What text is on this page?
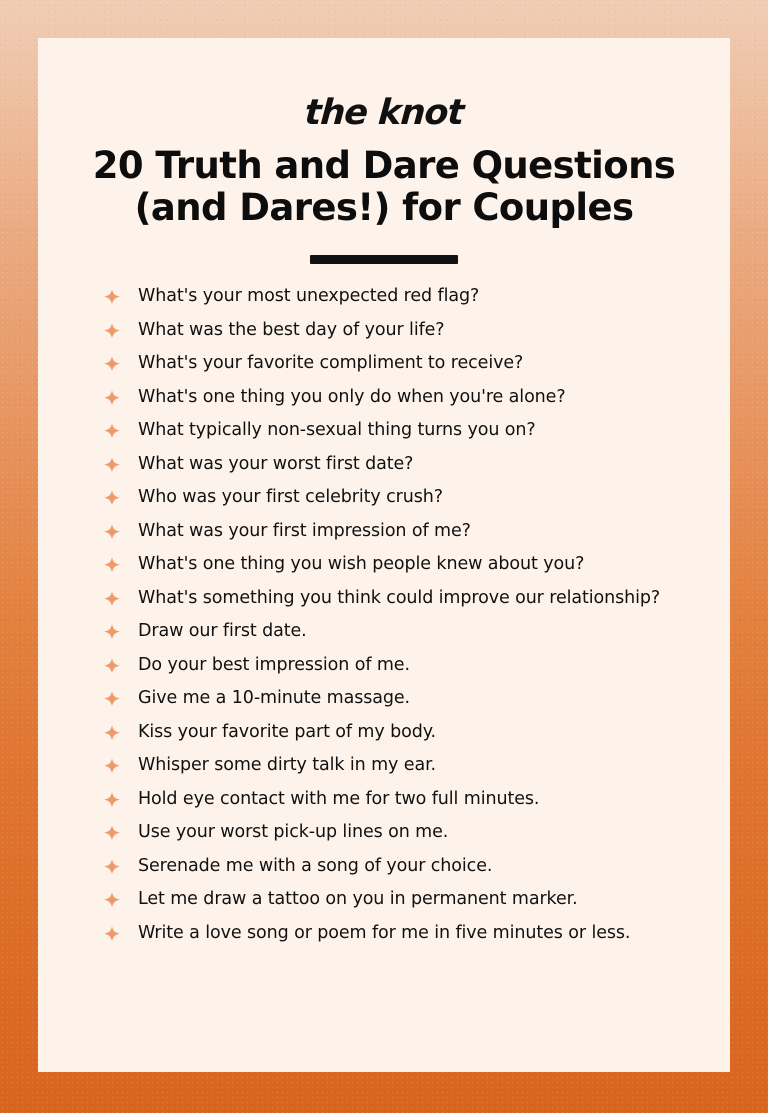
the knot
20 Truth and Dare Questions
(and Dares!) for Couples
What's your most unexpected red flag?
What was the best day of your life?
What's your favorite compliment to receive?
What's one thing you only do when you're alone?
What typically non-sexual thing turns you on?
What was your worst first date?
Who was your first celebrity crush?
What was your first impression of me?
What's one thing you wish people knew about you?
What's something you think could improve our relationship?
Draw our first date.
Do your best impression of me.
Give me a 10-minute massage.
Kiss your favorite part of my body.
Whisper some dirty talk in my ear.
Hold eye contact with me for two full minutes.
Use your worst pick-up lines on me.
Serenade me with a song of your choice.
Let me draw a tattoo on you in permanent marker.
Write a love song or poem for me in five minutes or less.
